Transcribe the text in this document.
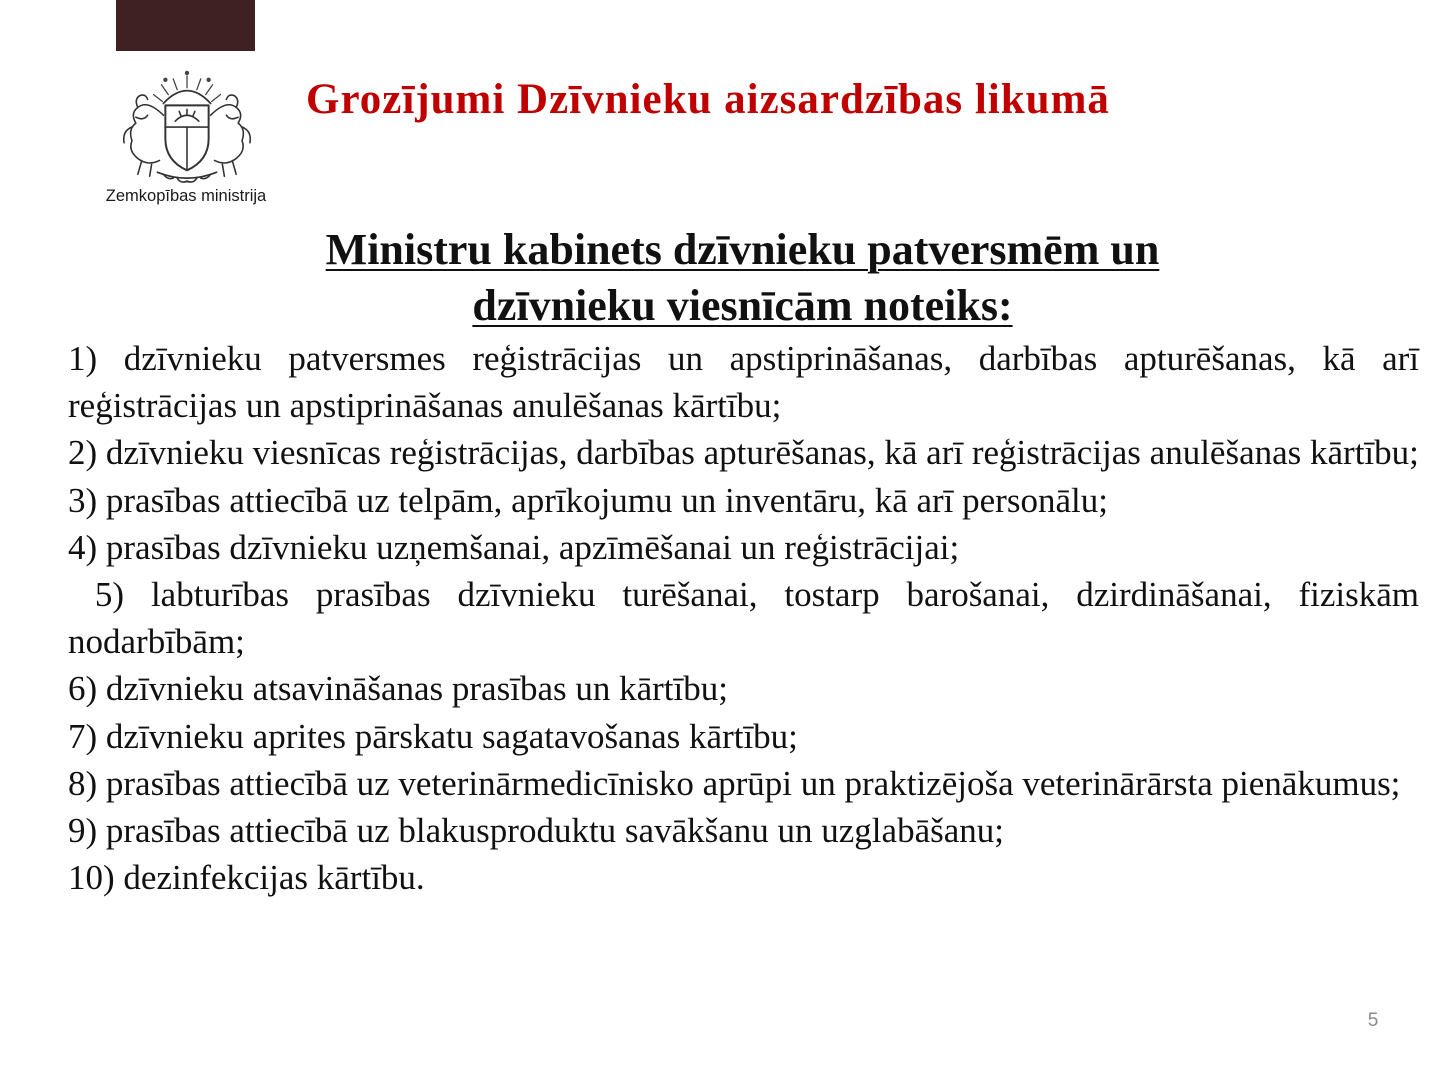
Zemkopības ministrija
Grozījumi Dzīvnieku aizsardzības likumā
Ministru kabinets dzīvnieku patversmēm un
dzīvnieku viesnīcām noteiks:
1) dzīvnieku patversmes reģistrācijas un apstiprināšanas, darbības apturēšanas, kā arī reģistrācijas un apstiprināšanas anulēšanas kārtību;
2) dzīvnieku viesnīcas reģistrācijas, darbības apturēšanas, kā arī reģistrācijas anulēšanas kārtību;
3) prasības attiecībā uz telpām, aprīkojumu un inventāru, kā arī personālu;
4) prasības dzīvnieku uzņemšanai, apzīmēšanai un reģistrācijai;
5) labturības prasības dzīvnieku turēšanai, tostarp barošanai, dzirdināšanai, fiziskām nodarbībām;
6) dzīvnieku atsavināšanas prasības un kārtību;
7) dzīvnieku aprites pārskatu sagatavošanas kārtību;
8) prasības attiecībā uz veterinārmedicīnisko aprūpi un praktizējoša veterinārārsta pienākumus;
9) prasības attiecībā uz blakusproduktu savākšanu un uzglabāšanu;
10) dezinfekcijas kārtību.
5
